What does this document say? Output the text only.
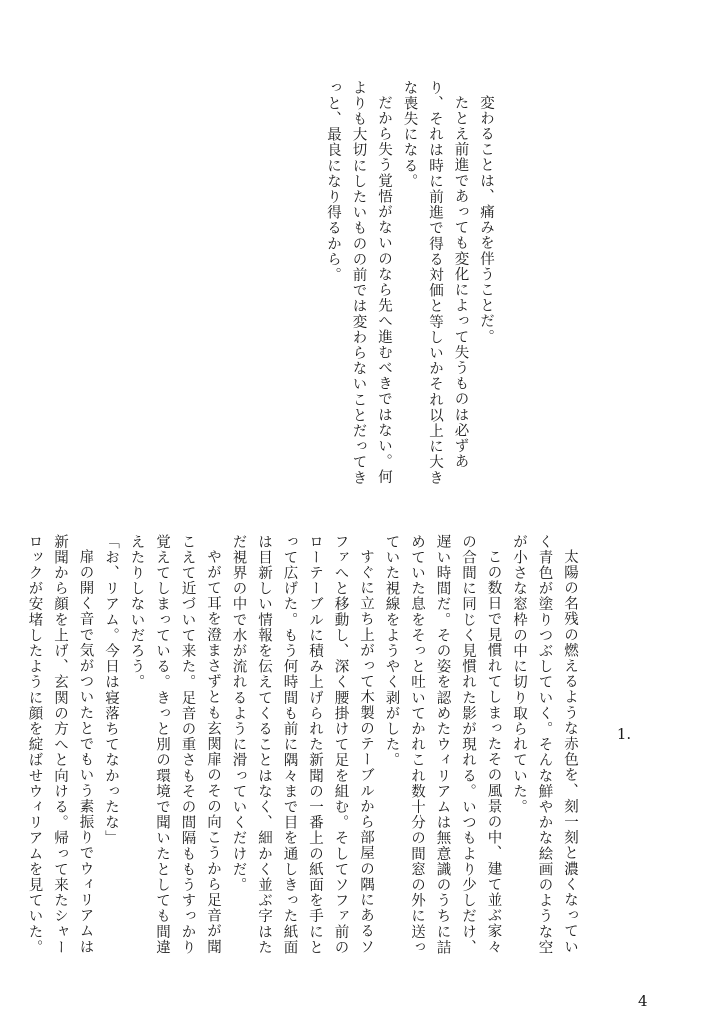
変わることは、痛みを伴うことだ。

たとえ前進であっても変化によって失うものは必ずあり、それは時に前進で得る対価と等しいかそれ以上に大きな喪失になる。

だから失う覚悟がないのなら先へ進むべきではない。何よりも大切にしたいものの前では変わらないことだってきっと、最良になり得るから。

1.

太陽の名残の燃えるような赤色を、刻一刻と濃くなっていく青色が塗りつぶしていく。そんな鮮やかな絵画のような空が小さな窓枠の中に切り取られていた。

この数日で見慣れてしまったその風景の中、建て並ぶ家々の合間に同じく見慣れた影が現れる。いつもより少しだけ、遅い時間だ。その姿を認めたウィリアムは無意識のうちに詰めていた息をそっと吐いてかれこれ数十分の間窓の外に送っていた視線をようやく剥がした。

すぐに立ち上がって木製のテーブルから部屋の隅にあるソファへと移動し、深く腰掛けて足を組む。そしてソファ前のローテーブルに積み上げられた新聞の一番上の紙面を手にとって広げた。もう何時間も前に隅々まで目を通しきった紙面は目新しい情報を伝えてくることはなく、細かく並ぶ字はただ視界の中で水が流れるように滑っていくだけだ。

やがて耳を澄まさずとも玄関扉のその向こうから足音が聞こえて近づいて来た。足音の重さもその間隔ももうすっかり覚えてしまっている。きっと別の環境で聞いたとしても間違えたりしないだろう。

「お、リアム。今日は寝落ちてなかったな」

扉の開く音で気がついたとでもいう素振りでウィリアムは新聞から顔を上げ、玄関の方へと向ける。帰って来たシャーロックが安堵したように顔を綻ばせウィリアムを見ていた。

4
